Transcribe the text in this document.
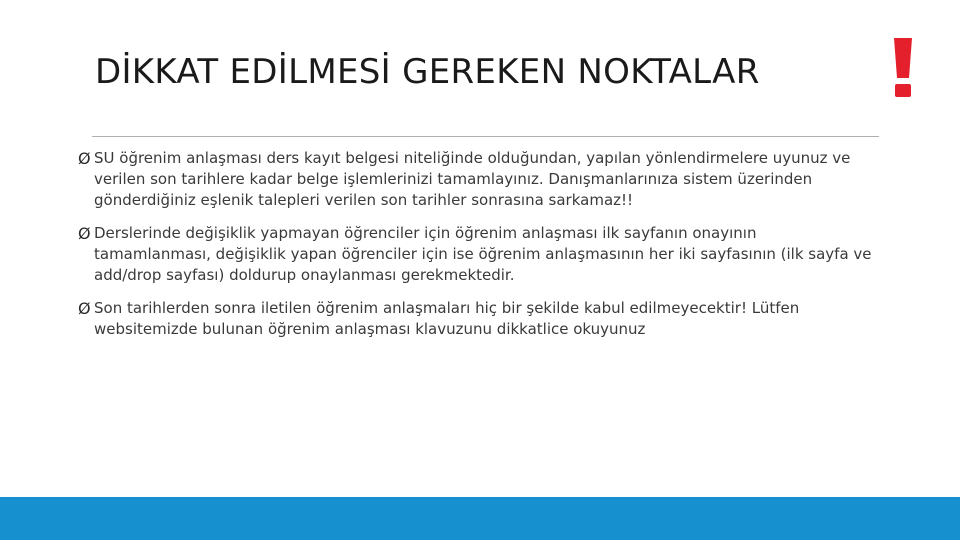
DİKKAT EDİLMESİ GEREKEN NOKTALAR
Ø SU öğrenim anlaşması ders kayıt belgesi niteliğinde olduğundan, yapılan yönlendirmelere uyunuz ve verilen son tarihlere kadar belge işlemlerinizi tamamlayınız. Danışmanlarınıza sistem üzerinden gönderdiğiniz eşlenik talepleri verilen son tarihler sonrasına sarkamaz!!
Ø Derslerinde değişiklik yapmayan öğrenciler için öğrenim anlaşması ilk sayfanın onayının tamamlanması, değişiklik yapan öğrenciler için ise öğrenim anlaşmasının her iki sayfasının (ilk sayfa ve add/drop sayfası) doldurup onaylanması gerekmektedir.
Ø Son tarihlerden sonra iletilen öğrenim anlaşmaları hiç bir şekilde kabul edilmeyecektir! Lütfen websitemizde bulunan öğrenim anlaşması klavuzunu dikkatlice okuyunuz
